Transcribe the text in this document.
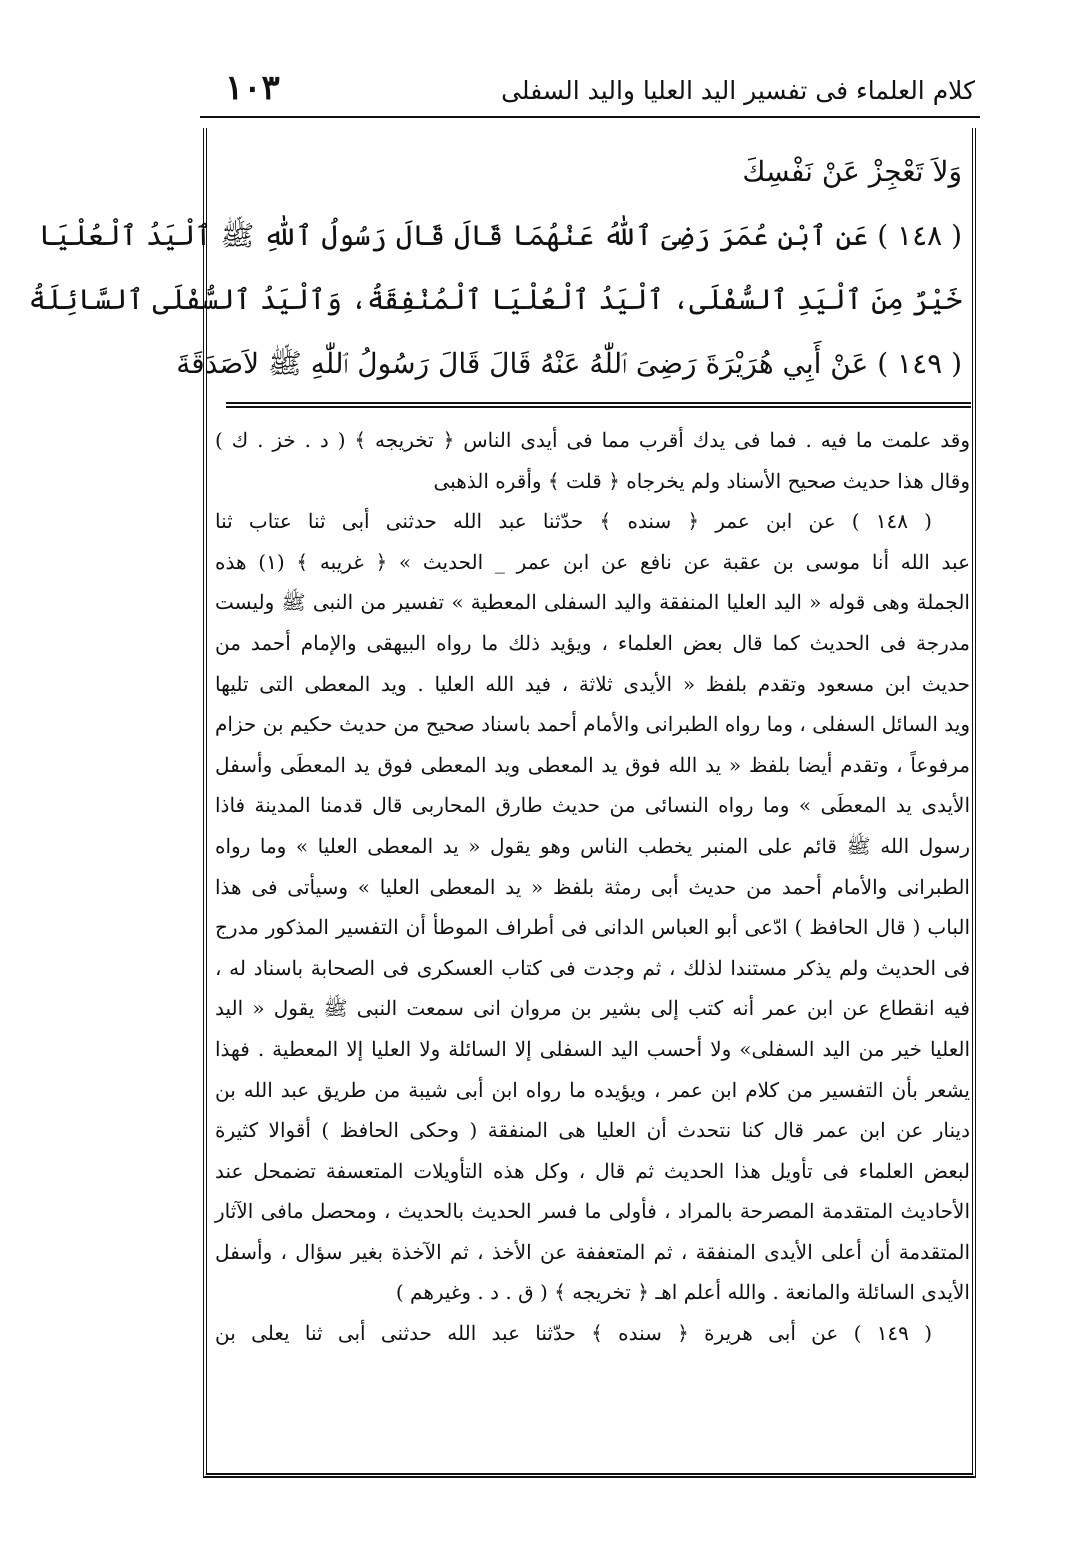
١٠٣	كلام العلماء فى تفسير اليد العليا واليد السفلى

وَلاَ تَعْجِزْ عَنْ نَفْسِكَ

( ١٤٨ ) عَنِ ٱبْنِ عُمَرَ رَضِىَ ٱللّٰهُ عَنْهُمَا قَالَ قَالَ رَسُولُ ٱللّٰهِ ﷺ ٱلْيَدُ ٱلْعُلْيَا

خَيْرٌ مِنَ ٱلْيَدِ ٱلسُّفْلَى، ٱلْيَدُ ٱلْعُلْيَا ٱلْمُنْفِقَةُ، وَٱلْيَدُ ٱلسُّفْلَى ٱلسَّائِلَةُ

( ١٤٩ ) عَنْ أَبِي هُرَيْرَةَ رَضِىَ ٱللّٰهُ عَنْهُ قَالَ قَالَ رَسُولُ ٱللّٰهِ ﷺ لاَصَدَقَةَ

وقد علمت ما فيه . فما فى يدك أقرب مما فى أيدى الناس ﴿ تخريجه ﴾ ( د . خز . ك )

وقال هذا حديث صحيح الأسناد ولم يخرجاه ﴿ قلت ﴾ وأقره الذهبى

( ١٤٨ ) عن ابن عمر ﴿ سنده ﴾ حدّثنا عبد الله حدثنى أبى ثنا عتاب ثنا

عبد الله أنا موسى بن عقبة عن نافع عن ابن عمر _ الحديث » ﴿ غريبه ﴾ (١) هذه

الجملة وهى قوله « اليد العليا المنفقة واليد السفلى المعطية » تفسير من النبى ﷺ وليست

مدرجة فى الحديث كما قال بعض العلماء ، ويؤيد ذلك ما رواه البيهقى والإمام أحمد من

حديث ابن مسعود وتقدم بلفظ « الأيدى ثلاثة ، فيد الله العليا . ويد المعطى التى تليها

ويد السائل السفلى ، وما رواه الطبرانى والأمام أحمد باسناد صحيح من حديث حكيم بن حزام

مرفوعاً ، وتقدم أيضا بلفظ « يد الله فوق يد المعطى ويد المعطى فوق يد المعطَى وأسفل

الأيدى يد المعطَى » وما رواه النسائى من حديث طارق المحاربى قال قدمنا المدينة فاذا

رسول الله ﷺ قائم على المنبر يخطب الناس وهو يقول « يد المعطى العليا » وما رواه

الطبرانى والأمام أحمد من حديث أبى رمثة بلفظ « يد المعطى العليا » وسيأتى فى هذا

الباب ( قال الحافظ ) ادّعى أبو العباس الدانى فى أطراف الموطأ أن التفسير المذكور مدرج

فى الحديث ولم يذكر مستندا لذلك ، ثم وجدت فى كتاب العسكرى فى الصحابة باسناد له ،

فيه انقطاع عن ابن عمر أنه كتب إلى بشير بن مروان انى سمعت النبى ﷺ يقول « اليد

العليا خير من اليد السفلى» ولا أحسب اليد السفلى إلا السائلة ولا العليا إلا المعطية . فهذا

يشعر بأن التفسير من كلام ابن عمر ، ويؤيده ما رواه ابن أبى شيبة من طريق عبد الله بن

دينار عن ابن عمر قال كنا نتحدث أن العليا هى المنفقة ( وحكى الحافظ ) أقوالا كثيرة

لبعض العلماء فى تأويل هذا الحديث ثم قال ، وكل هذه التأويلات المتعسفة تضمحل عند

الأحاديث المتقدمة المصرحة بالمراد ، فأولى ما فسر الحديث بالحديث ، ومحصل مافى الآثار

المتقدمة أن أعلى الأيدى المنفقة ، ثم المتعففة عن الأخذ ، ثم الآخذة بغير سؤال ، وأسفل

الأيدى السائلة والمانعة . والله أعلم اهـ ﴿ تخريجه ﴾ ( ق . د . وغيرهم )

( ١٤٩ ) عن أبى هريرة ﴿ سنده ﴾ حدّثنا عبد الله حدثنى أبى ثنا يعلى بن
